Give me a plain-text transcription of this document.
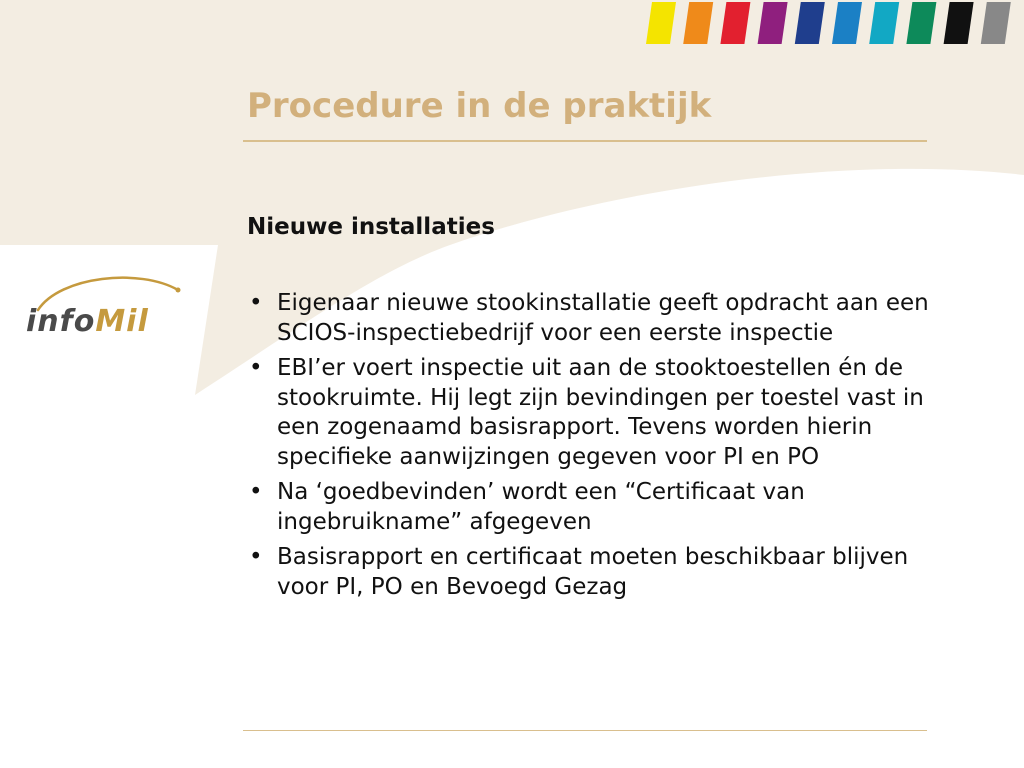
infoMil
Procedure in de praktijk
Nieuwe installaties
• Eigenaar nieuwe stookinstallatie geeft opdracht aan een SCIOS-inspectiebedrijf voor een eerste inspectie
• EBI’er voert inspectie uit aan de stooktoestellen én de stookruimte. Hij legt zijn bevindingen per toestel vast in een zogenaamd basisrapport. Tevens worden hierin specifieke aanwijzingen gegeven voor PI en PO
• Na ‘goedbevinden’ wordt een “Certificaat van ingebruikname” afgegeven
• Basisrapport en certificaat moeten beschikbaar blijven voor PI, PO en Bevoegd Gezag
